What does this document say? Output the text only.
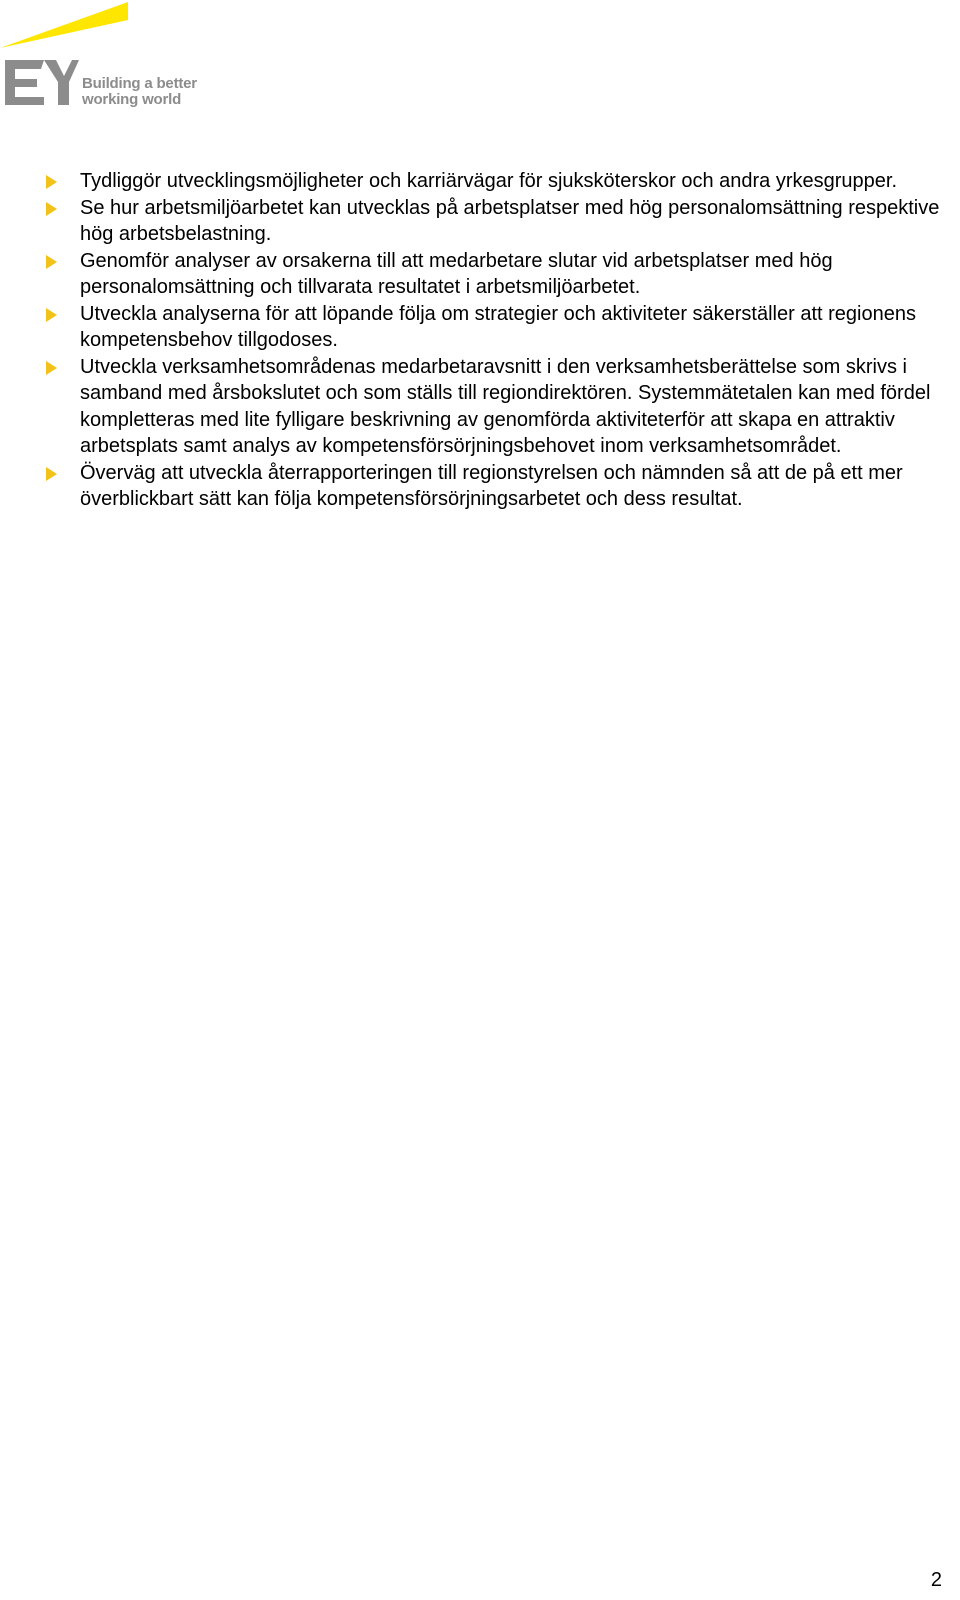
Building a better
working world
Tydliggör utvecklingsmöjligheter och karriärvägar för sjuksköterskor och andra yrkesgrupper.
Se hur arbetsmiljöarbetet kan utvecklas på arbetsplatser med hög personalomsättning respektive hög arbetsbelastning.
Genomför analyser av orsakerna till att medarbetare slutar vid arbetsplatser med hög personalomsättning och tillvarata resultatet i arbetsmiljöarbetet.
Utveckla analyserna för att löpande följa om strategier och aktiviteter säkerställer att regionens kompetensbehov tillgodoses.
Utveckla verksamhetsområdenas medarbetaravsnitt i den verksamhetsberättelse som skrivs i samband med årsbokslutet och som ställs till regiondirektören. Systemmätetalen kan med fördel kompletteras med lite fylligare beskrivning av genomförda aktiviteterför att skapa en attraktiv arbetsplats samt analys av kompetensförsörjningsbehovet inom verksamhetsområdet.
Överväg att utveckla återrapporteringen till regionstyrelsen och nämnden så att de på ett mer överblickbart sätt kan följa kompetensförsörjningsarbetet och dess resultat.
2
